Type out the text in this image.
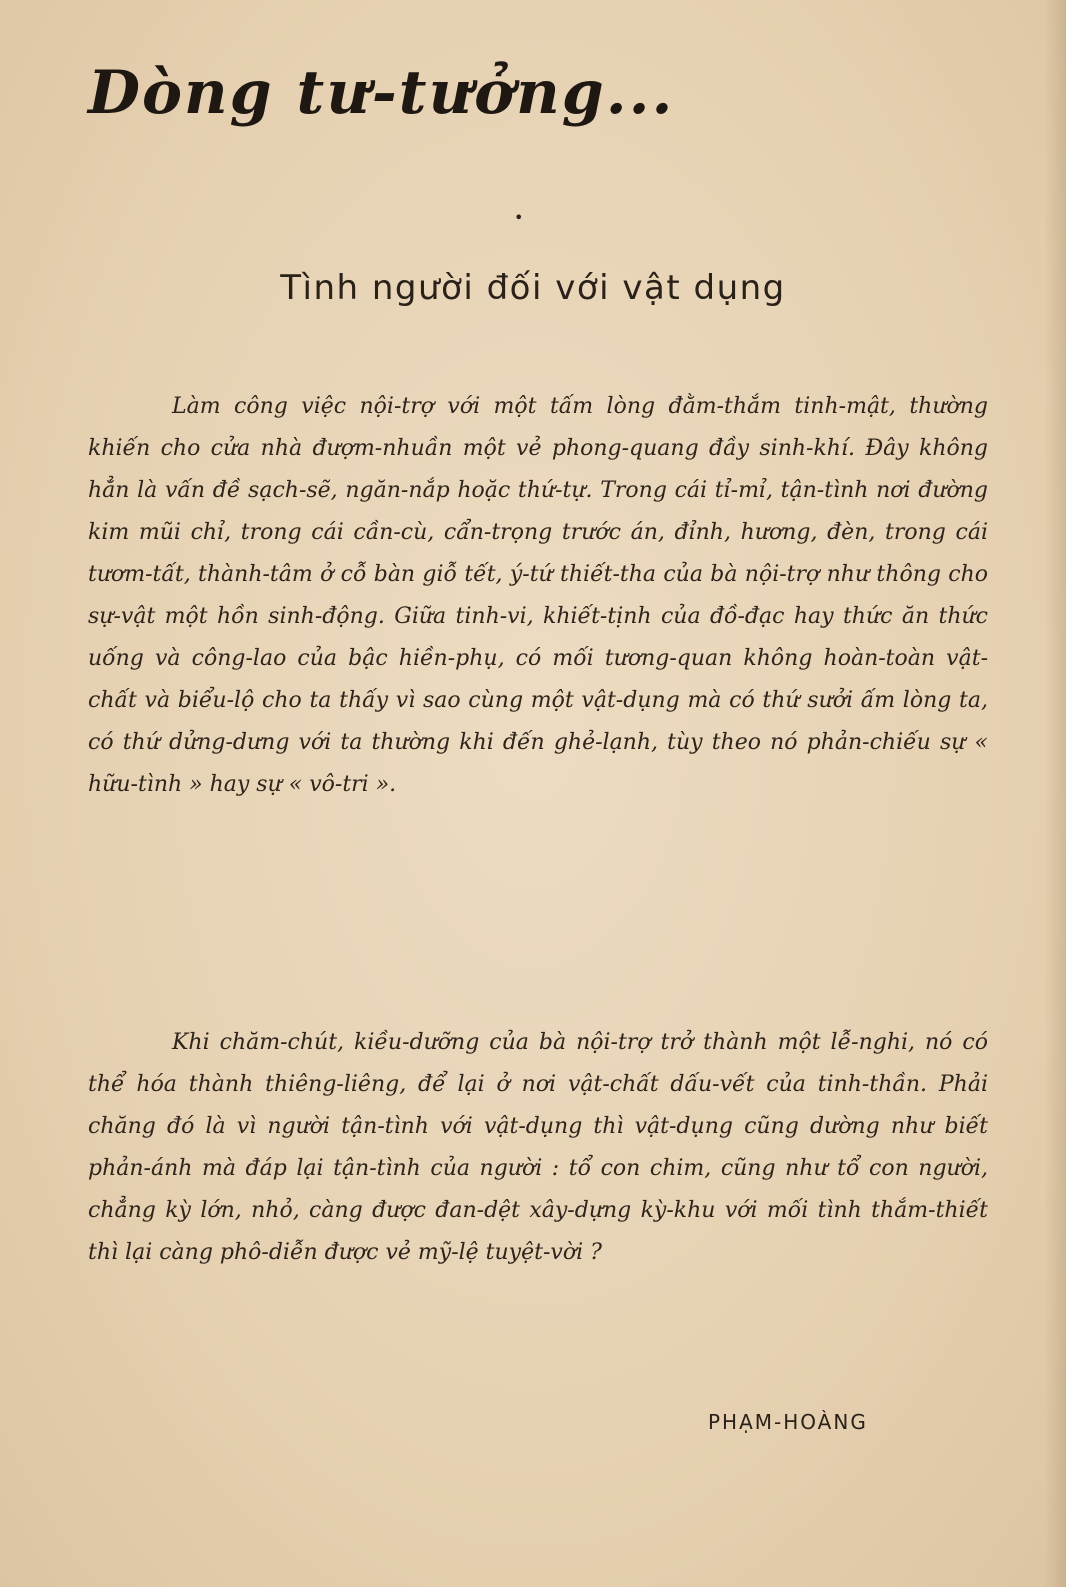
Dòng tư-tưởng...
•
Tình người đối với vật dụng

Làm công việc nội-trợ với một tấm lòng đằm-thắm tinh-mật, thường khiến cho cửa nhà đượm-nhuần một vẻ phong-quang đầy sinh-khí. Đây không hẳn là vấn đề sạch-sẽ, ngăn-nắp hoặc thứ-tự. Trong cái tỉ-mỉ, tận-tình nơi đường kim mũi chỉ, trong cái cần-cù, cẩn-trọng trước án, đỉnh, hương, đèn, trong cái tươm-tất, thành-tâm ở cỗ bàn giỗ tết, ý-tứ thiết-tha của bà nội-trợ như thông cho sự-vật một hồn sinh-động. Giữa tinh-vi, khiết-tịnh của đồ-đạc hay thức ăn thức uống và công-lao của bậc hiền-phụ, có mối tương-quan không hoàn-toàn vật-chất và biểu-lộ cho ta thấy vì sao cùng một vật-dụng mà có thứ sưởi ấm lòng ta, có thứ dửng-dưng với ta thường khi đến ghẻ-lạnh, tùy theo nó phản-chiếu sự « hữu-tình » hay sự « vô-tri ».

Khi chăm-chút, kiều-dưỡng của bà nội-trợ trở thành một lễ-nghi, nó có thể hóa thành thiêng-liêng, để lại ở nơi vật-chất dấu-vết của tinh-thần. Phải chăng đó là vì người tận-tình với vật-dụng thì vật-dụng cũng dường như biết phản-ánh mà đáp lại tận-tình của người : tổ con chim, cũng như tổ con người, chẳng kỳ lớn, nhỏ, càng được đan-dệt xây-dựng kỳ-khu với mối tình thắm-thiết thì lại càng phô-diễn được vẻ mỹ-lệ tuyệt-vời ?

PHẠM-HOÀNG
